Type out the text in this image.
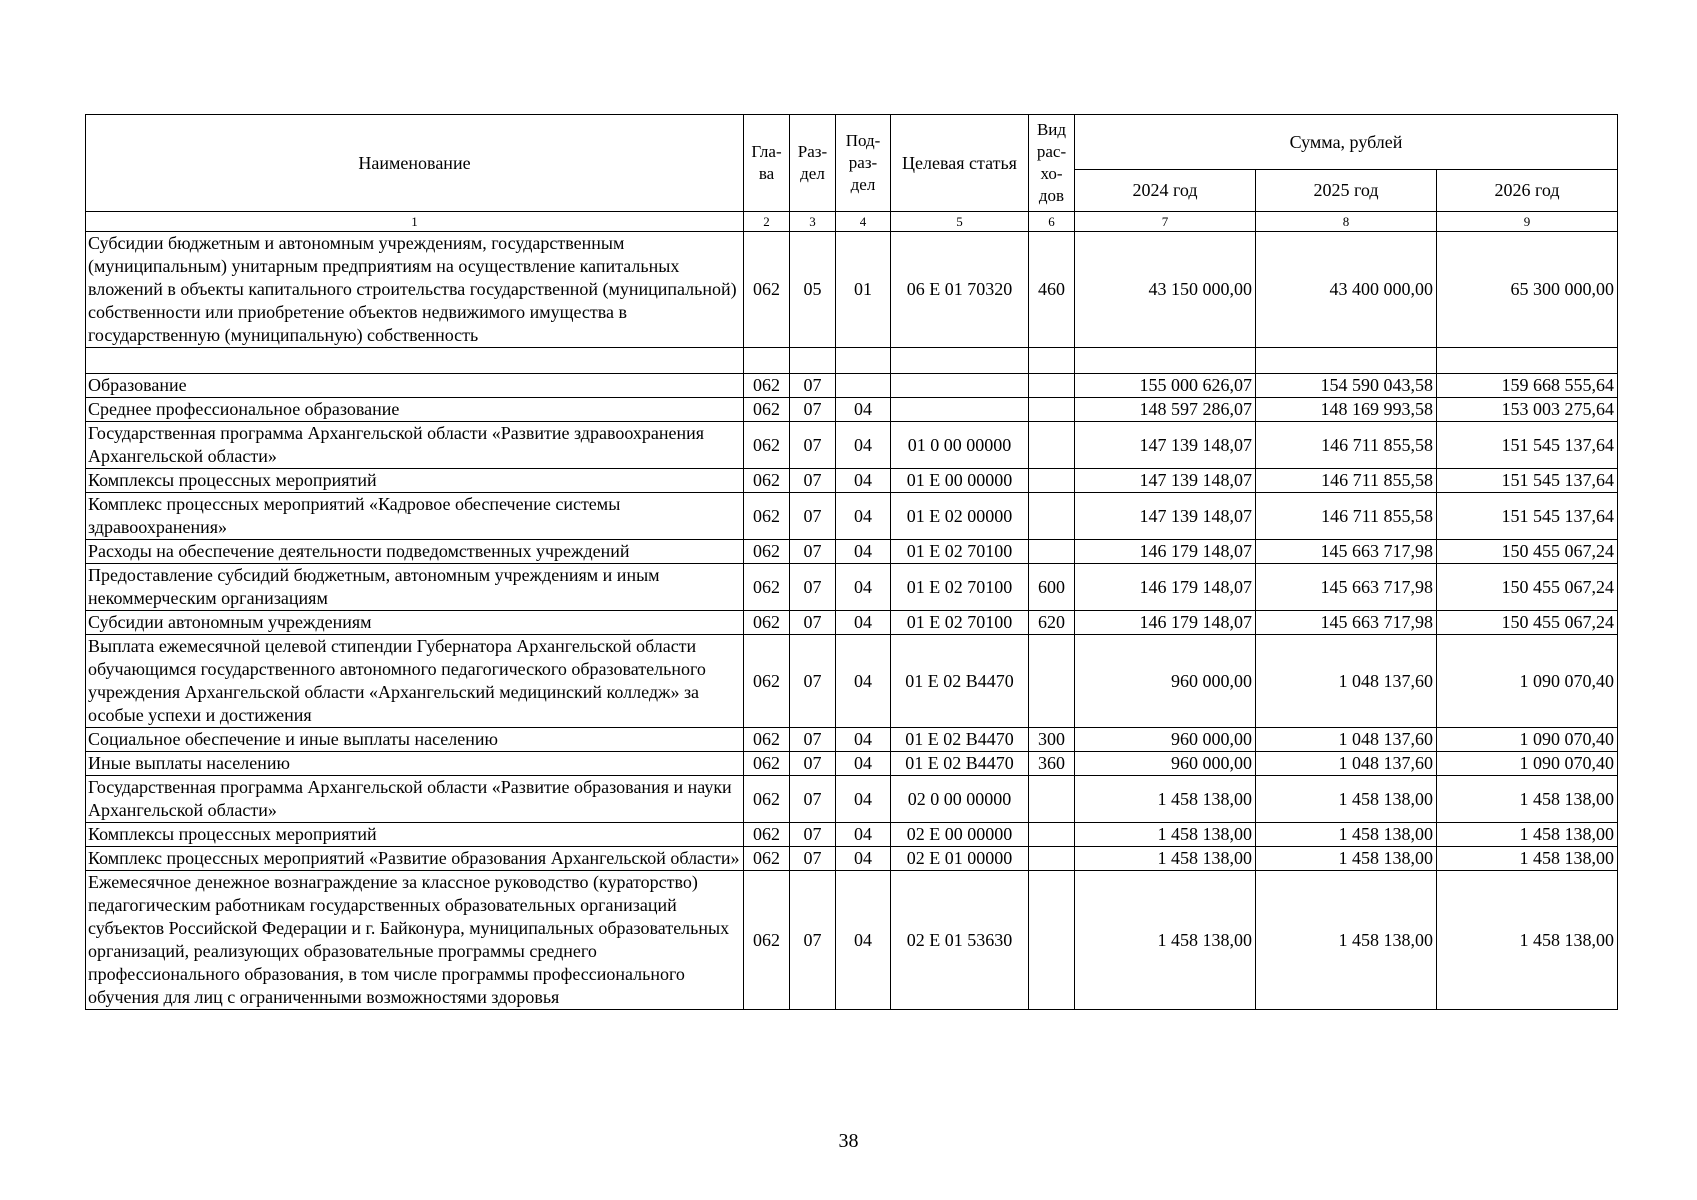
Наименование	Гла-ва	Раз-дел	Под-раз-дел	Целевая статья	Вид рас-хо-дов	Сумма, рублей		
						2024 год	2025 год	2026 год
1	2	3	4	5	6	7	8	9
Субсидии бюджетным и автономным учреждениям, государственным (муниципальным) унитарным предприятиям на осуществление капитальных вложений в объекты капитального строительства государственной (муниципальной) собственности или приобретение объектов недвижимого имущества в государственную (муниципальную) собственность	062	05	01	06 Е 01 70320	460	43 150 000,00	43 400 000,00	65 300 000,00

Образование	062	07				155 000 626,07	154 590 043,58	159 668 555,64
Среднее профессиональное образование	062	07	04			148 597 286,07	148 169 993,58	153 003 275,64
Государственная программа Архангельской области «Развитие здравоохранения Архангельской области»	062	07	04	01 0 00 00000		147 139 148,07	146 711 855,58	151 545 137,64
Комплексы процессных мероприятий	062	07	04	01 Е 00 00000		147 139 148,07	146 711 855,58	151 545 137,64
Комплекс процессных мероприятий «Кадровое обеспечение системы здравоохранения»	062	07	04	01 Е 02 00000		147 139 148,07	146 711 855,58	151 545 137,64
Расходы на обеспечение деятельности подведомственных учреждений	062	07	04	01 Е 02 70100		146 179 148,07	145 663 717,98	150 455 067,24
Предоставление субсидий бюджетным, автономным учреждениям и иным некоммерческим организациям	062	07	04	01 Е 02 70100	600	146 179 148,07	145 663 717,98	150 455 067,24
Субсидии автономным учреждениям	062	07	04	01 Е 02 70100	620	146 179 148,07	145 663 717,98	150 455 067,24
Выплата ежемесячной целевой стипендии Губернатора Архангельской области обучающимся государственного автономного педагогического образовательного учреждения Архангельской области «Архангельский медицинский колледж» за особые успехи и достижения	062	07	04	01 Е 02 В4470		960 000,00	1 048 137,60	1 090 070,40
Социальное обеспечение и иные выплаты населению	062	07	04	01 Е 02 В4470	300	960 000,00	1 048 137,60	1 090 070,40
Иные выплаты населению	062	07	04	01 Е 02 В4470	360	960 000,00	1 048 137,60	1 090 070,40
Государственная программа Архангельской области «Развитие образования и науки Архангельской области»	062	07	04	02 0 00 00000		1 458 138,00	1 458 138,00	1 458 138,00
Комплексы процессных мероприятий	062	07	04	02 Е 00 00000		1 458 138,00	1 458 138,00	1 458 138,00
Комплекс процессных мероприятий «Развитие образования Архангельской области»	062	07	04	02 Е 01 00000		1 458 138,00	1 458 138,00	1 458 138,00
Ежемесячное денежное вознаграждение за классное руководство (кураторство) педагогическим работникам государственных образовательных организаций субъектов Российской Федерации и г. Байконура, муниципальных образовательных организаций, реализующих образовательные программы среднего профессионального образования, в том числе программы профессионального обучения для лиц с ограниченными возможностями здоровья	062	07	04	02 Е 01 53630		1 458 138,00	1 458 138,00	1 458 138,00
38
